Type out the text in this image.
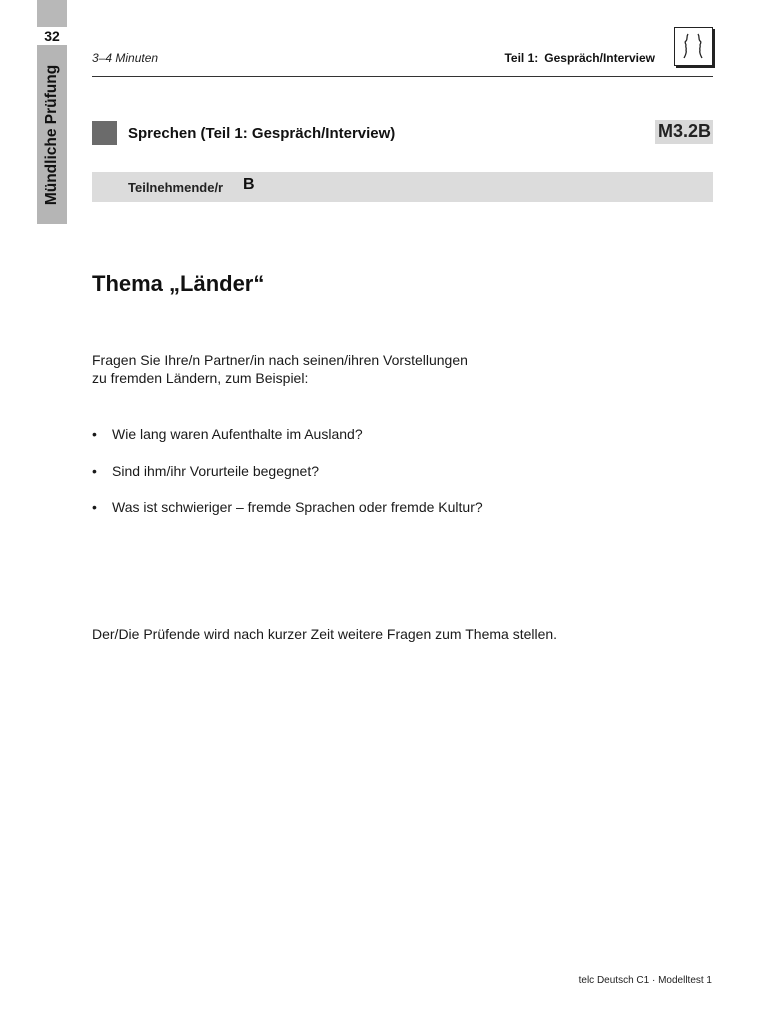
32
Mündliche Prüfung
3–4 Minuten	Teil 1: Gespräch/Interview
Sprechen (Teil 1: Gespräch/Interview)	M3.2B
Teilnehmende/r B
Thema „Länder“

Fragen Sie Ihre/n Partner/in nach seinen/ihren Vorstellungen
zu fremden Ländern, zum Beispiel:

• Wie lang waren Aufenthalte im Ausland?
• Sind ihm/ihr Vorurteile begegnet?
• Was ist schwieriger – fremde Sprachen oder fremde Kultur?

Der/Die Prüfende wird nach kurzer Zeit weitere Fragen zum Thema stellen.

telc Deutsch C1 · Modelltest 1
